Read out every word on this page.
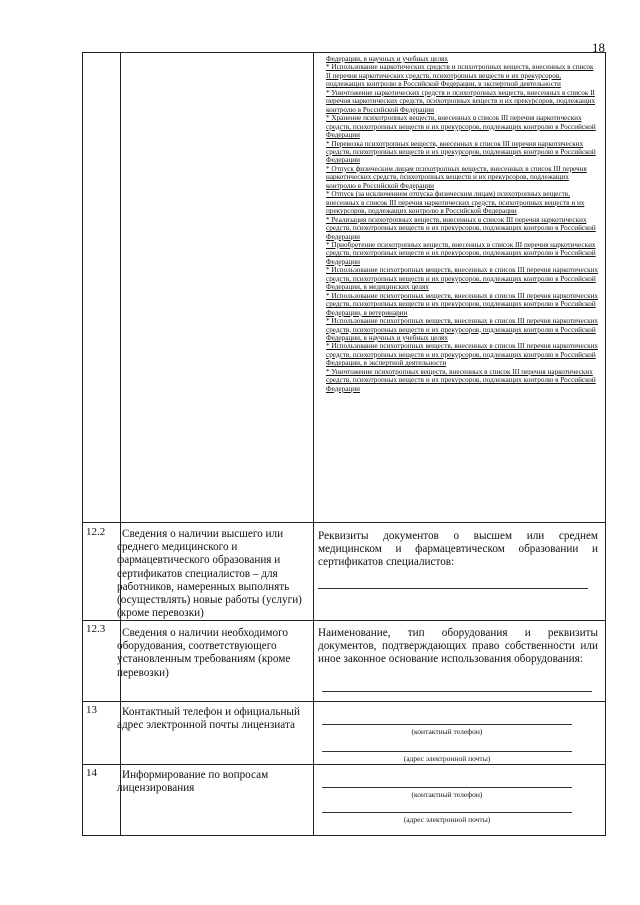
18

Федерации, в научных и учебных целях

* Использование наркотических средств и психотропных веществ, внесенных в список II перечня наркотических средств, психотропных веществ и их прекурсоров, подлежащих контролю в Российской Федерации, в экспертной деятельности

* Уничтожение наркотических средств и психотропных веществ, внесенных в список II перечня наркотических средств, психотропных веществ и их прекурсоров, подлежащих контролю в Российской Федерации

* Хранение психотропных веществ, внесенных в список III перечня наркотических средств, психотропных веществ и их прекурсоров, подлежащих контролю в Российской Федерации

* Перевозка психотропных веществ, внесенных в список III перечня наркотических средств, психотропных веществ и их прекурсоров, подлежащих контролю в Российской Федерации

* Отпуск физическим лицам психотропных веществ, внесенных в список III перечня наркотических средств, психотропных веществ и их прекурсоров, подлежащих контролю в Российской Федерации

* Отпуск (за исключением отпуска физическим лицам) психотропных веществ, внесенных в список III перечня наркотических средств, психотропных веществ и их прекурсоров, подлежащих контролю в Российской Федерации

* Реализация психотропных веществ, внесенных в список III перечня наркотических средств, психотропных веществ и их прекурсоров, подлежащих контролю в Российской Федерации

* Приобретение психотропных веществ, внесенных в список III перечня наркотических средств, психотропных веществ и их прекурсоров, подлежащих контролю в Российской Федерации

* Использование психотропных веществ, внесенных в список III перечня наркотических средств, психотропных веществ и их прекурсоров, подлежащих контролю в Российской Федерации, в медицинских целях

* Использование психотропных веществ, внесенных в список III перечня наркотических средств, психотропных веществ и их прекурсоров, подлежащих контролю в Российской Федерации, в ветеринарии

* Использование психотропных веществ, внесенных в список III перечня наркотических средств, психотропных веществ и их прекурсоров, подлежащих контролю в Российской Федерации, в научных и учебных целях

* Использование психотропных веществ, внесенных в список III перечня наркотических средств, психотропных веществ и их прекурсоров, подлежащих контролю в Российской Федерации, в экспертной деятельности

* Уничтожение психотропных веществ, внесенных в список III перечня наркотических средств, психотропных веществ и их прекурсоров, подлежащих контролю в Российской Федерации

12.2	Сведения о наличии высшего или среднего медицинского и фармацевтического образования и сертификатов специалистов – для работников, намеренных выполнять (осуществлять) новые работы (услуги) (кроме перевозки)
Реквизиты документов о высшем или среднем медицинском и фармацевтическом образовании и сертификатов специалистов:
12.3	Сведения о наличии необходимого оборудования, соответствующего установленным требованиям (кроме перевозки)
Наименование, тип оборудования и реквизиты документов, подтверждающих право собственности или иное законное основание использования оборудования:
13	Контактный телефон и официальный адрес электронной почты лицензиата
(контактный телефон)
(адрес электронной почты)
14	Информирование по вопросам лицензирования
(контактный телефон)
(адрес электронной почты)
